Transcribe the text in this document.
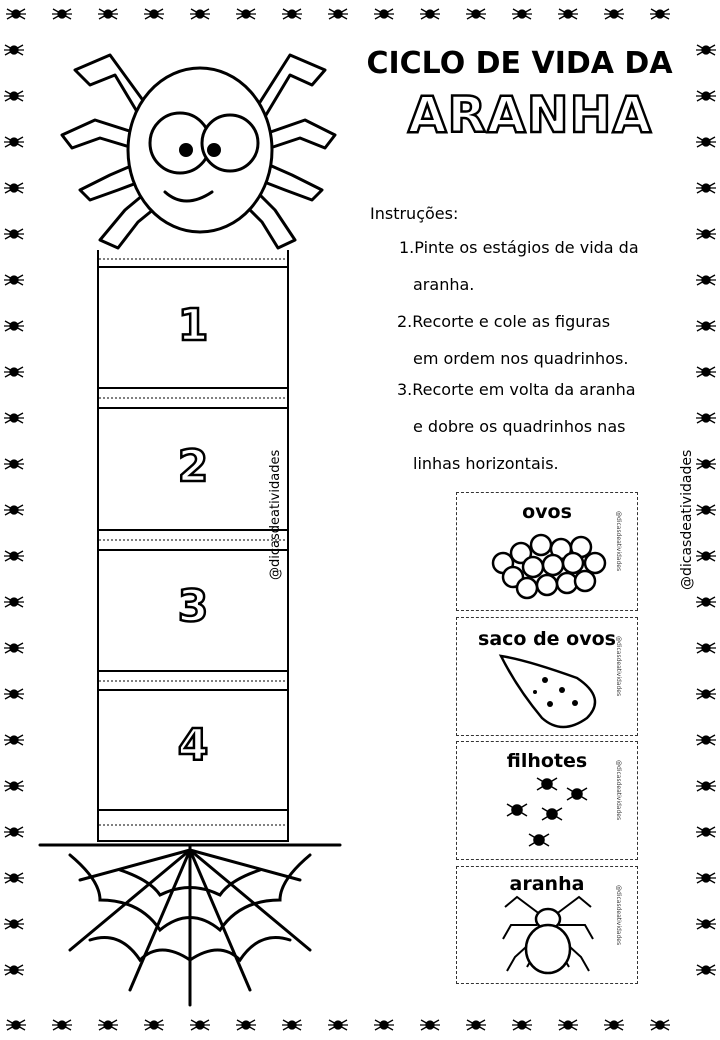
CICLO DE VIDA DA
ARANHA
Instruções:
1.Pinte os estágios de vida da
aranha.
2.Recorte e cole as figuras
em ordem nos quadrinhos.
3.Recorte em volta da aranha
e dobre os quadrinhos nas
linhas horizontais.
1
2
3
4
@dicasdeatividades	@dicasdeatividades
ovos	@dicasdeatividades
saco de ovos @dicasdeatividades
filhotes	@dicasdeatividades
aranha
@dicasdeatividades
